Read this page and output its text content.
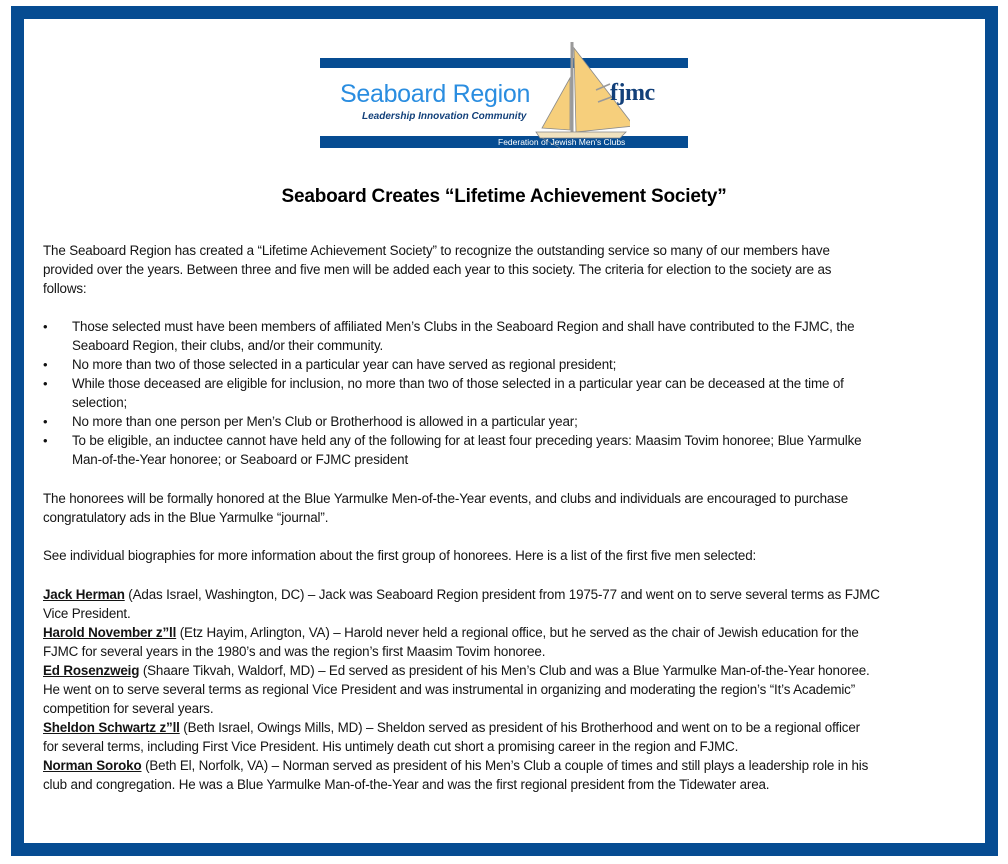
Seaboard Region
Leadership Innovation Community
fjmc
Federation of Jewish Men's Clubs
Seaboard Creates “Lifetime Achievement Society”
The Seaboard Region has created a “Lifetime Achievement Society” to recognize the outstanding service so many of our members have
provided over the years. Between three and five men will be added each year to this society. The criteria for election to the society are as
follows:
• Those selected must have been members of affiliated Men’s Clubs in the Seaboard Region and shall have contributed to the FJMC, the
Seaboard Region, their clubs, and/or their community.
• No more than two of those selected in a particular year can have served as regional president;
• While those deceased are eligible for inclusion, no more than two of those selected in a particular year can be deceased at the time of
selection;
• No more than one person per Men’s Club or Brotherhood is allowed in a particular year;
• To be eligible, an inductee cannot have held any of the following for at least four preceding years: Maasim Tovim honoree; Blue Yarmulke
Man-of-the-Year honoree; or Seaboard or FJMC president
The honorees will be formally honored at the Blue Yarmulke Men-of-the-Year events, and clubs and individuals are encouraged to purchase
congratulatory ads in the Blue Yarmulke “journal”.
See individual biographies for more information about the first group of honorees. Here is a list of the first five men selected:
Jack Herman (Adas Israel, Washington, DC) – Jack was Seaboard Region president from 1975-77 and went on to serve several terms as FJMC
Vice President.
Harold November z”ll (Etz Hayim, Arlington, VA) – Harold never held a regional office, but he served as the chair of Jewish education for the
FJMC for several years in the 1980’s and was the region’s first Maasim Tovim honoree.
Ed Rosenzweig (Shaare Tikvah, Waldorf, MD) – Ed served as president of his Men’s Club and was a Blue Yarmulke Man-of-the-Year honoree.
He went on to serve several terms as regional Vice President and was instrumental in organizing and moderating the region’s “It’s Academic”
competition for several years.
Sheldon Schwartz z”ll (Beth Israel, Owings Mills, MD) – Sheldon served as president of his Brotherhood and went on to be a regional officer
for several terms, including First Vice President. His untimely death cut short a promising career in the region and FJMC.
Norman Soroko (Beth El, Norfolk, VA) – Norman served as president of his Men’s Club a couple of times and still plays a leadership role in his
club and congregation. He was a Blue Yarmulke Man-of-the-Year and was the first regional president from the Tidewater area.
